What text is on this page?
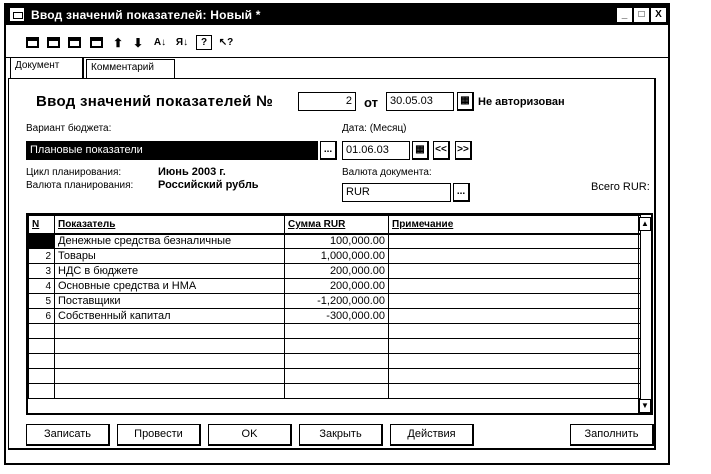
Ввод значений показателей: Новый *	_	□	X
⬆ ⬇ A↓ Я↓	?	↖?
Документ	Комментарий
Ввод значений показателей №	2 от	30.05.03	▦ Не авторизован
Вариант бюджета:
Плановые показатели	...
Дата: (Месяц)
01.06.03	▦	<<	>>
Цикл планирования:	Июнь 2003 г.
Валюта планирования: Российский рубль
Валюта документа:
RUR	...	Всего RUR:
N	Показатель	Сумма RUR	Примечание
1	Денежные средства безналичные	100,000.00	
2	Товары	1,000,000.00	
3	НДС в бюджете	200,000.00	
4	Основные средства и НМА	200,000.00	
5	Поставщики	-1,200,000.00	
6	Собственный капитал	-300,000.00	

▲
▼
Записать	Провести	OK	Закрыть	Действия	Заполнить
